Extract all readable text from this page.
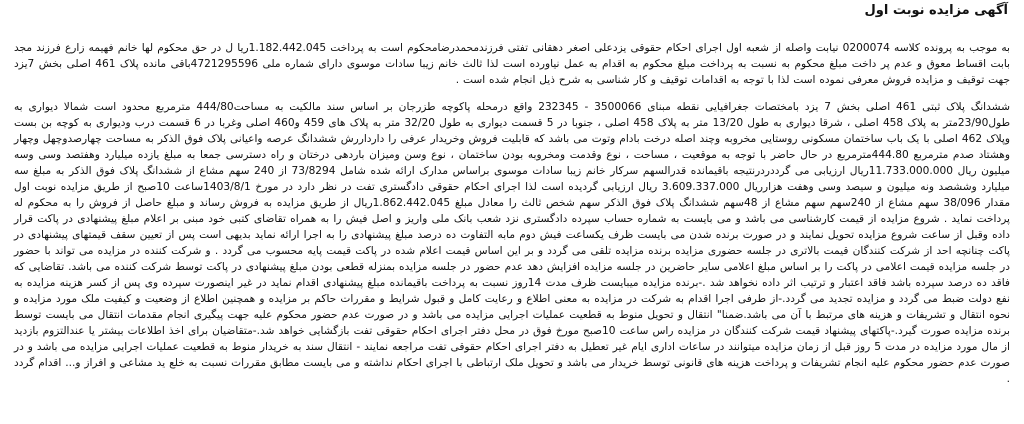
آگهی مزایده نوبت اول

به موجب به پرونده کلاسه 0200074 نیابت واصله از شعبه اول اجرای احکام حقوقی یزدعلی اصغر دهقانی تفتی فرزندمحمدرضامحکوم است به پرداخت 1.182.442.045ریا ل در حق محکوم لها خانم فهیمه زارع فرزند مجد بابت اقساط معوق و عدم پر داخت مبلغ محکوم به نسبت به پرداخت مبلغ محکوم به اقدام به عمل نیاورده است لذا ثالث خانم زیبا سادات موسوی دارای شماره ملی 4721295596باقی مانده پلاک 461 اصلی بخش 7یزد جهت توقیف و مزایده فروش معرفی نموده است لذا با توجه به اقدامات توقیف و کار شناسی به شرح ذیل انجام شده است .

ششدانگ پلاک ثبتی 461 اصلی بخش 7 یزد بامختصات جغرافیایی نقطه مبنای 3500066 - 232345 واقع درمحله پاکوچه طزرجان بر اساس سند مالکیت به مساحت444/80 مترمربع محدود است شمالا دیواری به طول23/90متر به پلاک 458 اصلی ، شرقا دیواری به طول 13/20 متر به پلاک 458 اصلی ، جنوبا در 5 قسمت دیواری به طول 32/20 متر به پلاک های 459 و460 اصلی وغربا در 6 قسمت درب ودیواری به کوچه بن بست وپلاک 462 اصلی با یک باب ساختمان مسکونی روستایی مخروبه وچند اصله درخت بادام وتوت می باشد که قابلیت فروش وخریدار عرفی را دارداررش ششدانگ عرصه واعیانی پلاک فوق الذکر به مساحت چهارصدوچهل وچهار وهشتاد صدم مترمربع 444.80مترمربع در حال حاضر با توجه به موقعیت ، مساحت ، نوع وقدمت ومخروبه بودن ساختمان ، نوع وسن ومیزان باردهی درختان و راه دسترسی جمعا به مبلغ یازده میلیارد وهفتصد وسی وسه میلیون ریال 11.733.000.000ریال ارزیابی می گرددردرنتیجه باقیمانده قدرالسهم سرکار خانم زیبا سادات موسوی براساس مدارک ارائه شده شامل 73/8294 از 240 سهم مشاع از ششدانگ پلاک فوق الذکر به مبلغ سه میلیارد وششصد ونه میلیون و سیصد وسی وهفت هزارریال 3.609.337.000 ریال ارزیابی گردیده است لذا اجرای احکام حقوقی دادگستری تفت در نظر دارد در مورخ 1403/8/1ساعت 10صبح از طریق مزایده نوبت اول مقدار 38/096 سهم مشاع از 240سهم سهم مشاع از 48سهم ششدانگ پلاک فوق الذکر سهم شخص ثالث را معادل مبلغ 1.862.442.045ریال از طریق مزایده به فروش رساند و مبلغ حاصل از فروش را به محکوم له پرداخت نماید . شروع مزایده از قیمت کارشناسی می باشد و می بایست به شماره حساب سپرده دادگستری نزد شعب بانک ملی واریز و اصل فیش را به همراه تقاضای کتبی خود مبنی بر اعلام مبلغ پیشنهادی در پاکت قرار داده وقبل از ساعت شروع مزایده تحویل نمایند و در صورت برنده شدن می بایست ظرف یکساعت فیش دوم مابه التفاوت ده درصد مبلغ پیشنهادی را به اجرا ارائه نماید بدیهی است پس از تعیین سقف قیمتهای پیشنهادی در پاکت چنانچه احد از شرکت کنندگان قیمت بالاتری در جلسه حضوری مزایده برنده مزایده تلقی می گردد و بر این اساس قیمت اعلام شده در پاکت قیمت پایه محسوب می گردد . و شرکت کننده در مزایده می تواند با حضور در جلسه مزایده قیمت اعلامی در پاکت را بر اساس مبلغ اعلامی سایر حاضرین در جلسه مزایده افزایش دهد عدم حضور در جلسه مزایده بمنزله قطعی بودن مبلغ پیشنهادی در پاکت توسط شرکت کننده می باشد. تقاضایی که فاقد ده درصد سپرده باشد فاقد اعتبار و ترتیب اثر داده نخواهد شد .-برنده مزایده میبایست ظرف مدت 14روز نسبت به پرداخت باقیمانده مبلغ پیشنهادی اقدام نماید در غیر اینصورت سپرده وی پس از کسر هزینه مزایده به نفع دولت ضبط می گردد و مزایده تجدید می گردد.-از طرفی اجرا اقدام به شرکت در مزایده به معنی اطلاع و رعایت کامل و قبول شرایط و مقررات حاکم بر مزایده و همچنین اطلاع از وضعیت و کیفیت ملک مورد مزایده و نحوه انتقال و تشریفات و هزینه های مرتبط با آن می باشد.ضمنا" انتقال و تحویل منوط به قطعیت عملیات اجرایی مزایده می باشد و در صورت عدم حضور محکوم علیه جهت پیگیری انجام مقدمات انتقال می بایست توسط برنده مزایده صورت گیرد.-پاکتهای پیشنهاد قیمت شرکت کنندگان در مزایده راس ساعت 10صبح مورخ فوق در محل دفتر اجرای احکام حقوقی تفت بازگشایی خواهد شد.-متقاضیان برای اخذ اطلاعات بیشتر یا عندالتزوم بازدید از مال مورد مزایده در مدت 5 روز قبل از زمان مزایده میتوانند در ساعات اداری ایام غیر تعطیل به دفتر اجرای احکام حقوقی تفت مراجعه نمایند - انتقال سند به خریدار منوط به قطعیت عملیات اجرایی مزایده می باشد و در صورت عدم حضور محکوم علیه انجام تشریفات و پرداخت هزینه های قانونی توسط خریدار می باشد و تحویل ملک ارتباطی با اجرای احکام نداشته و می بایست مطابق مقررات نسبت به خلع ید مشاعی و افراز و... اقدام گردد .
